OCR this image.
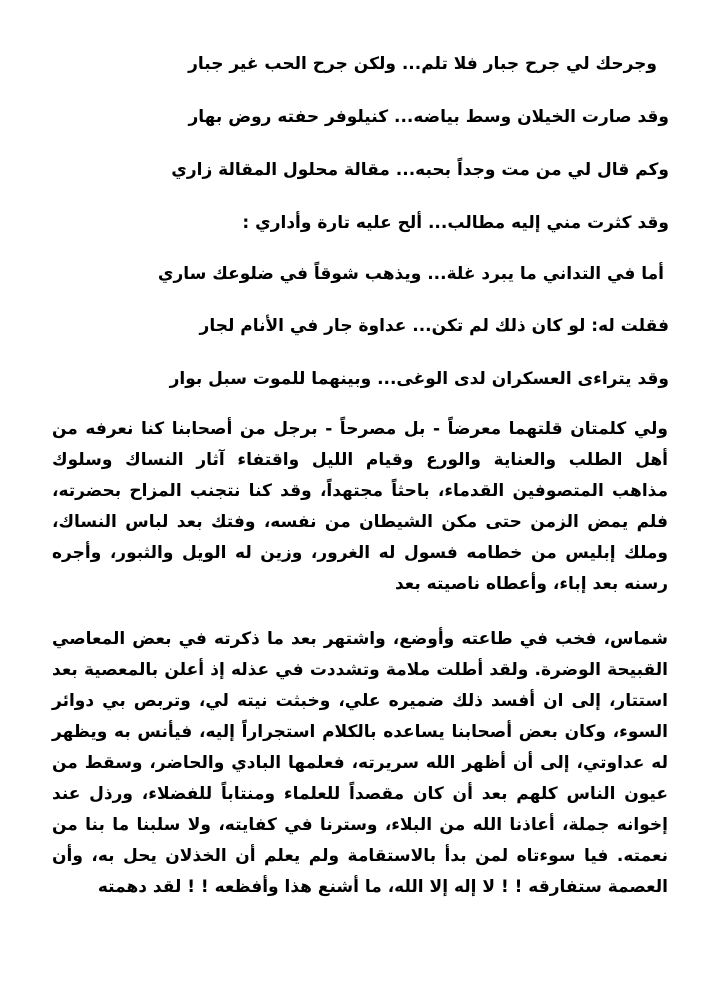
وجرحك لي جرح جبار فلا تلم... ولكن جرح الحب غير جبار

وقد صارت الخيلان وسط بياضه... كنيلوفر حفته روض بهار

وكم قال لي من مت وجداً بحبه... مقالة محلول المقالة زاري

وقد كثرت مني إليه مطالب... ألح عليه تارة وأداري :

أما في التداني ما يبرد غلة... ويذهب شوقاً في ضلوعك ساري

فقلت له: لو كان ذلك لم تكن... عداوة جار في الأنام لجار

وقد يتراءى العسكران لدى الوغى... وبينهما للموت سبل بوار

ولي كلمتان قلتهما معرضاً - بل مصرحاً - برجل من أصحابنا كنا نعرفه من أهل الطلب والعناية والورع وقيام الليل واقتفاء آثار النساك وسلوك مذاهب المتصوفين القدماء، باحثاً مجتهداً، وقد كنا نتجنب المزاح بحضرته، فلم يمض الزمن حتى مكن الشيطان من نفسه، وفتك بعد لباس النساك، وملك إبليس من خطامه فسول له الغرور، وزين له الويل والثبور، وأجره رسنه بعد إباء، وأعطاه ناصيته بعد

شماس، فخب في طاعته وأوضع، واشتهر بعد ما ذكرته في بعض المعاصي القبيحة الوضرة. ولقد أطلت ملامة وتشددت في عذله إذ أعلن بالمعصية بعد استتار، إلى ان أفسد ذلك ضميره علي، وخبثت نيته لي، وتربص بي دوائر السوء، وكان بعض أصحابنا يساعده بالكلام استجراراً إليه، فيأنس به ويظهر له عداوتي، إلى أن أظهر الله سريرته، فعلمها البادي والحاضر، وسقط من عيون الناس كلهم بعد أن كان مقصداً للعلماء ومنتاباً للفضلاء، ورذل عند إخوانه جملة، أعاذنا الله من البلاء، وسترنا في كفايته، ولا سلبنا ما بنا من نعمته. فيا سوءتاه لمن بدأ بالاستقامة ولم يعلم أن الخذلان يحل به، وأن العصمة ستفارقه ! ! لا إله إلا الله، ما أشنع هذا وأفظعه ! ! لقد دهمته
